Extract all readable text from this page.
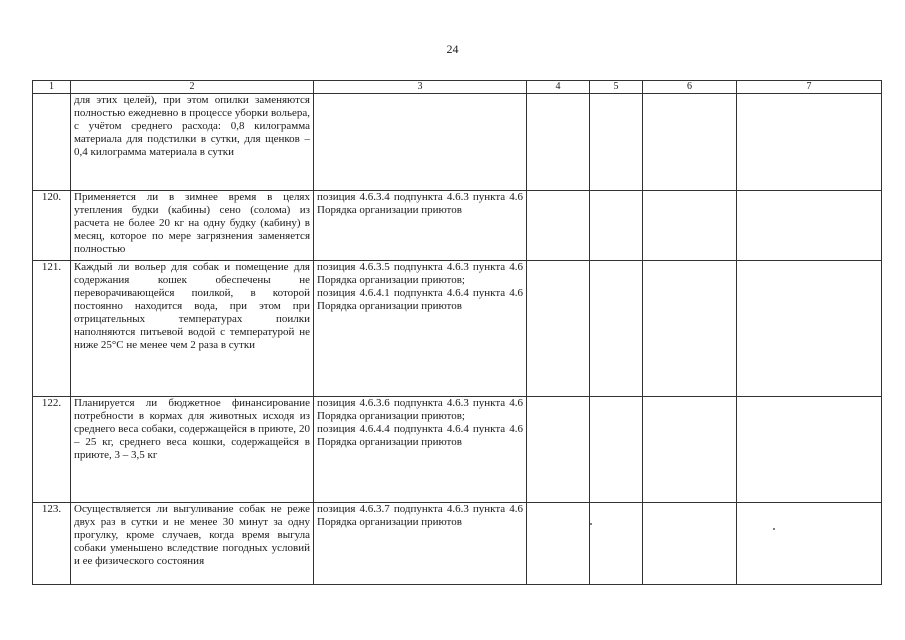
24
1	2	3	4	5	6	7
	для этих целей), при этом опилки заменяются полностью ежедневно в процессе уборки вольера, с учётом среднего расхода: 0,8 килограмма материала для подстилки в сутки, для щенков – 0,4 килограмма материала в сутки					
120.	Применяется ли в зимнее время в целях утепления будки (кабины) сено (солома) из расчета не более 20 кг на одну будку (кабину) в месяц, которое по мере загрязнения заменяется полностью	позиция 4.6.3.4 подпункта 4.6.3 пункта 4.6 Порядка организации приютов				

121.	Каждый ли вольер для собак и помещение для содержания кошек обеспечены не переворачивающейся поилкой, в которой постоянно находится вода, при этом при отрицательных температурах поилки наполняются питьевой водой с температурой не ниже 25°С не менее чем 2 раза в сутки	позиция 4.6.3.5 подпункта 4.6.3 пункта 4.6 Порядка организации приютов;
позиция 4.6.4.1 подпункта 4.6.4 пункта 4.6 Порядка организации приютов				

122.	Планируется ли бюджетное финансирование потребности в кормах для животных исходя из среднего веса собаки, содержащейся в приюте, 20 – 25 кг, среднего веса кошки, содержащейся в приюте, 3 – 3,5 кг	позиция 4.6.3.6 подпункта 4.6.3 пункта 4.6 Порядка организации приютов;
позиция 4.6.4.4 подпункта 4.6.4 пункта 4.6 Порядка организации приютов				

123.	Осуществляется ли выгуливание собак не реже двух раз в сутки и не менее 30 минут за одну прогулку, кроме случаев, когда время выгула собаки уменьшено вследствие погодных условий и ее физического состояния	позиция 4.6.3.7 подпункта 4.6.3 пункта 4.6 Порядка организации приютов				
